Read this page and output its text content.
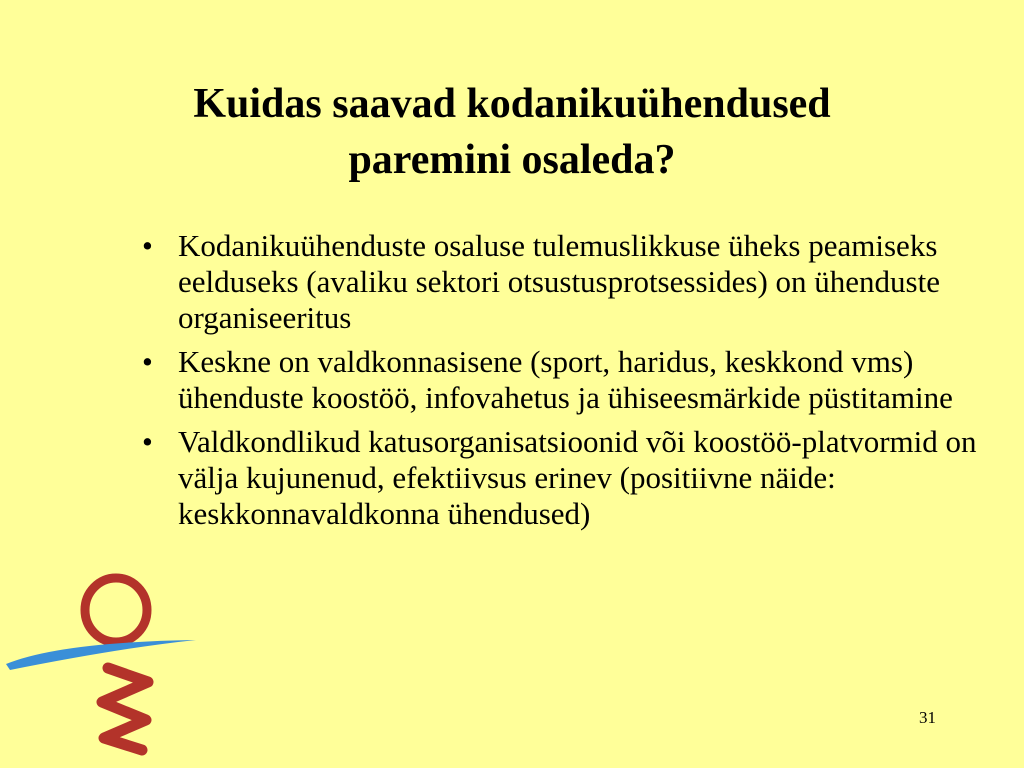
Kuidas saavad kodanikuühendused
paremini osaleda?
• Kodanikuühenduste osaluse tulemuslikkuse üheks peamiseks eelduseks (avaliku sektori otsustusprotsessides) on ühenduste organiseeritus
• Keskne on valdkonnasisene (sport, haridus, keskkond vms) ühenduste koostöö, infovahetus ja ühiseesmärkide püstitamine
• Valdkondlikud katusorganisatsioonid või koostöö-platvormid on välja kujunenud, efektiivsus erinev (positiivne näide: keskkonnavaldkonna ühendused)
31
